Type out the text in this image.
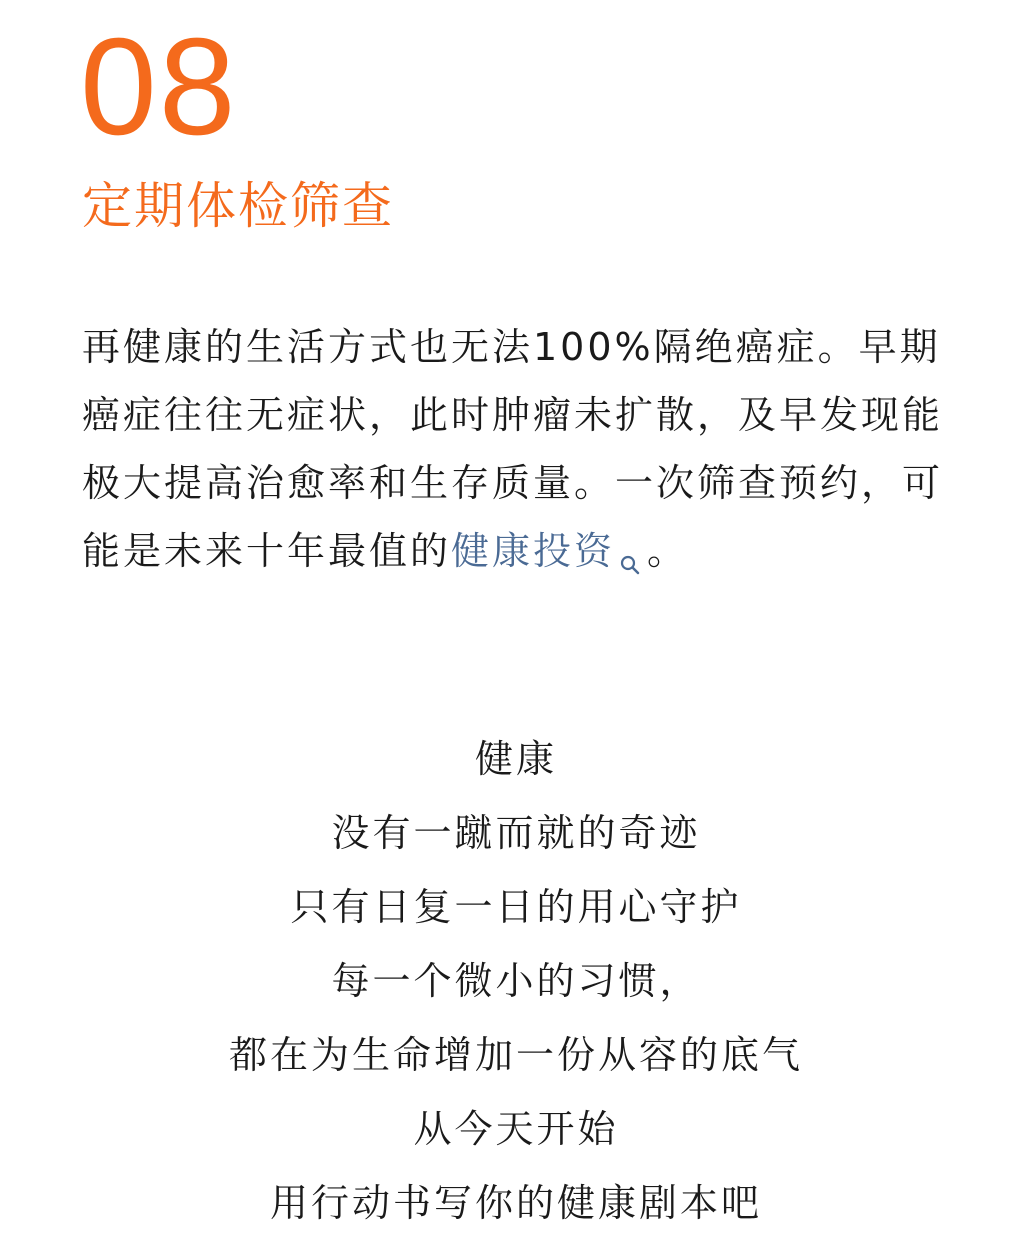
08
定期体检筛查
再健康的生活方式也无法100%隔绝癌症。早期癌症往往无症状，此时肿瘤未扩散，及早发现能极大提高治愈率和生存质量。一次筛查预约，可能是未来十年最值的健康投资 。
健康
没有一蹴而就的奇迹
只有日复一日的用心守护
每一个微小的习惯，
都在为生命增加一份从容的底气
从今天开始
用行动书写你的健康剧本吧
